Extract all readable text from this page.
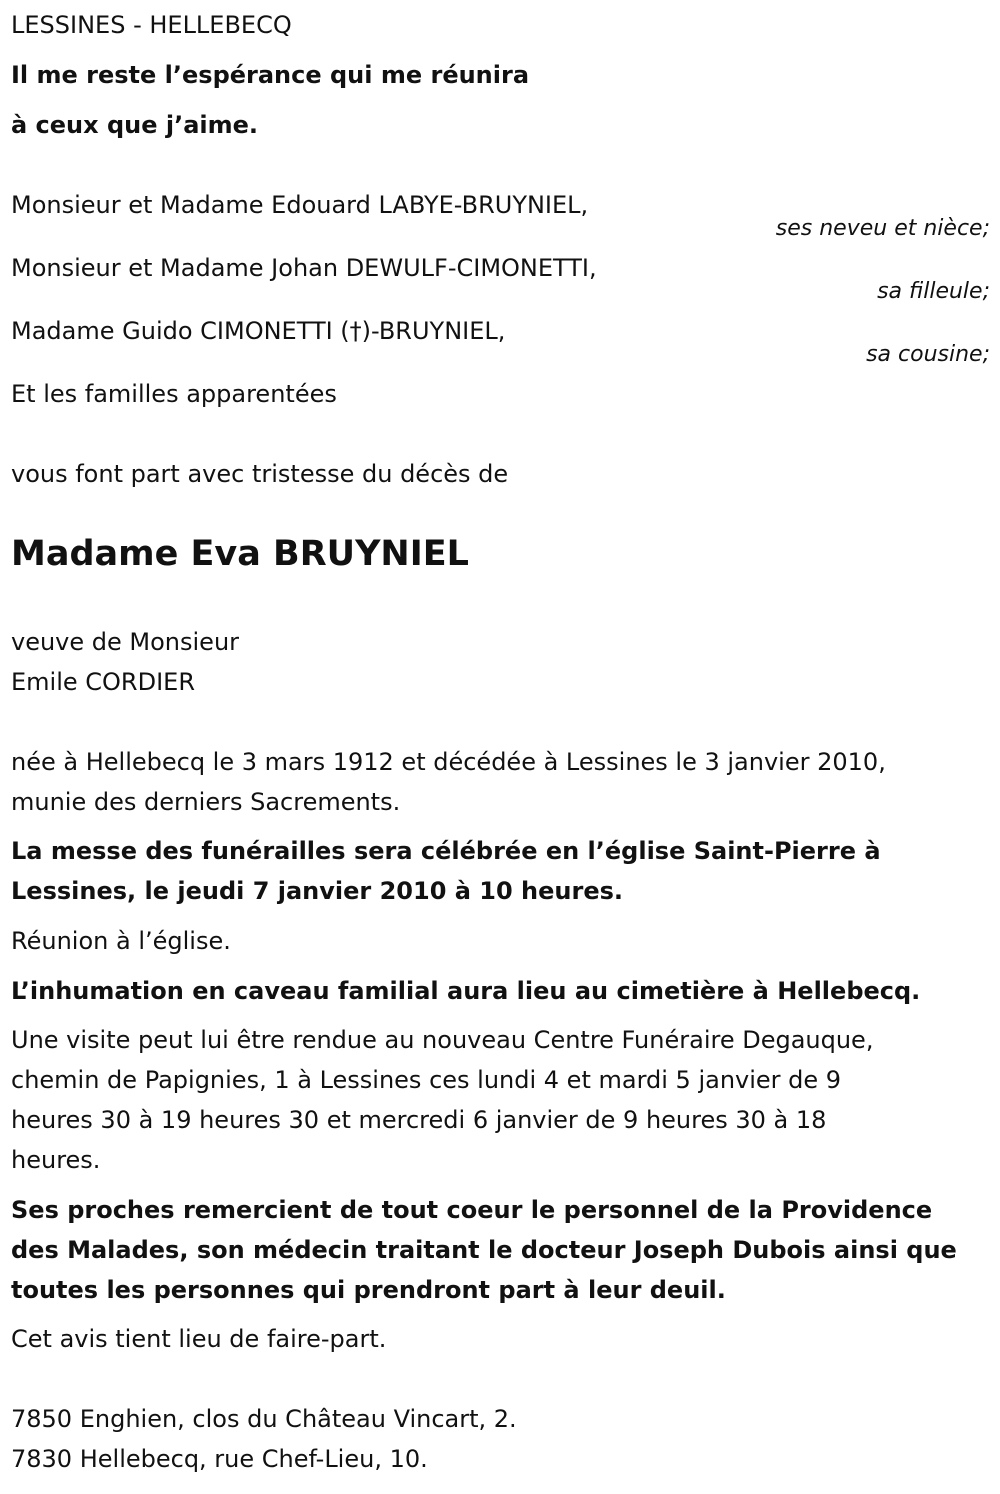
LESSINES - HELLEBECQ
Il me reste l’espérance qui me réunira
à ceux que j’aime.
Monsieur et Madame Edouard LABYE-BRUYNIEL,
ses neveu et nièce;
Monsieur et Madame Johan DEWULF-CIMONETTI,
sa filleule;
Madame Guido CIMONETTI (†)-BRUYNIEL,
sa cousine;
Et les familles apparentées
vous font part avec tristesse du décès de
Madame Eva BRUYNIEL
veuve de Monsieur
Emile CORDIER
née à Hellebecq le 3 mars 1912 et décédée à Lessines le 3 janvier 2010,
munie des derniers Sacrements.
La messe des funérailles sera célébrée en l’église Saint-Pierre à
Lessines, le jeudi 7 janvier 2010 à 10 heures.
Réunion à l’église.
L’inhumation en caveau familial aura lieu au cimetière à Hellebecq.
Une visite peut lui être rendue au nouveau Centre Funéraire Degauque,
chemin de Papignies, 1 à Lessines ces lundi 4 et mardi 5 janvier de 9
heures 30 à 19 heures 30 et mercredi 6 janvier de 9 heures 30 à 18
heures.
Ses proches remercient de tout coeur le personnel de la Providence
des Malades, son médecin traitant le docteur Joseph Dubois ainsi que
toutes les personnes qui prendront part à leur deuil.
Cet avis tient lieu de faire-part.
7850 Enghien, clos du Château Vincart, 2.
7830 Hellebecq, rue Chef-Lieu, 10.
